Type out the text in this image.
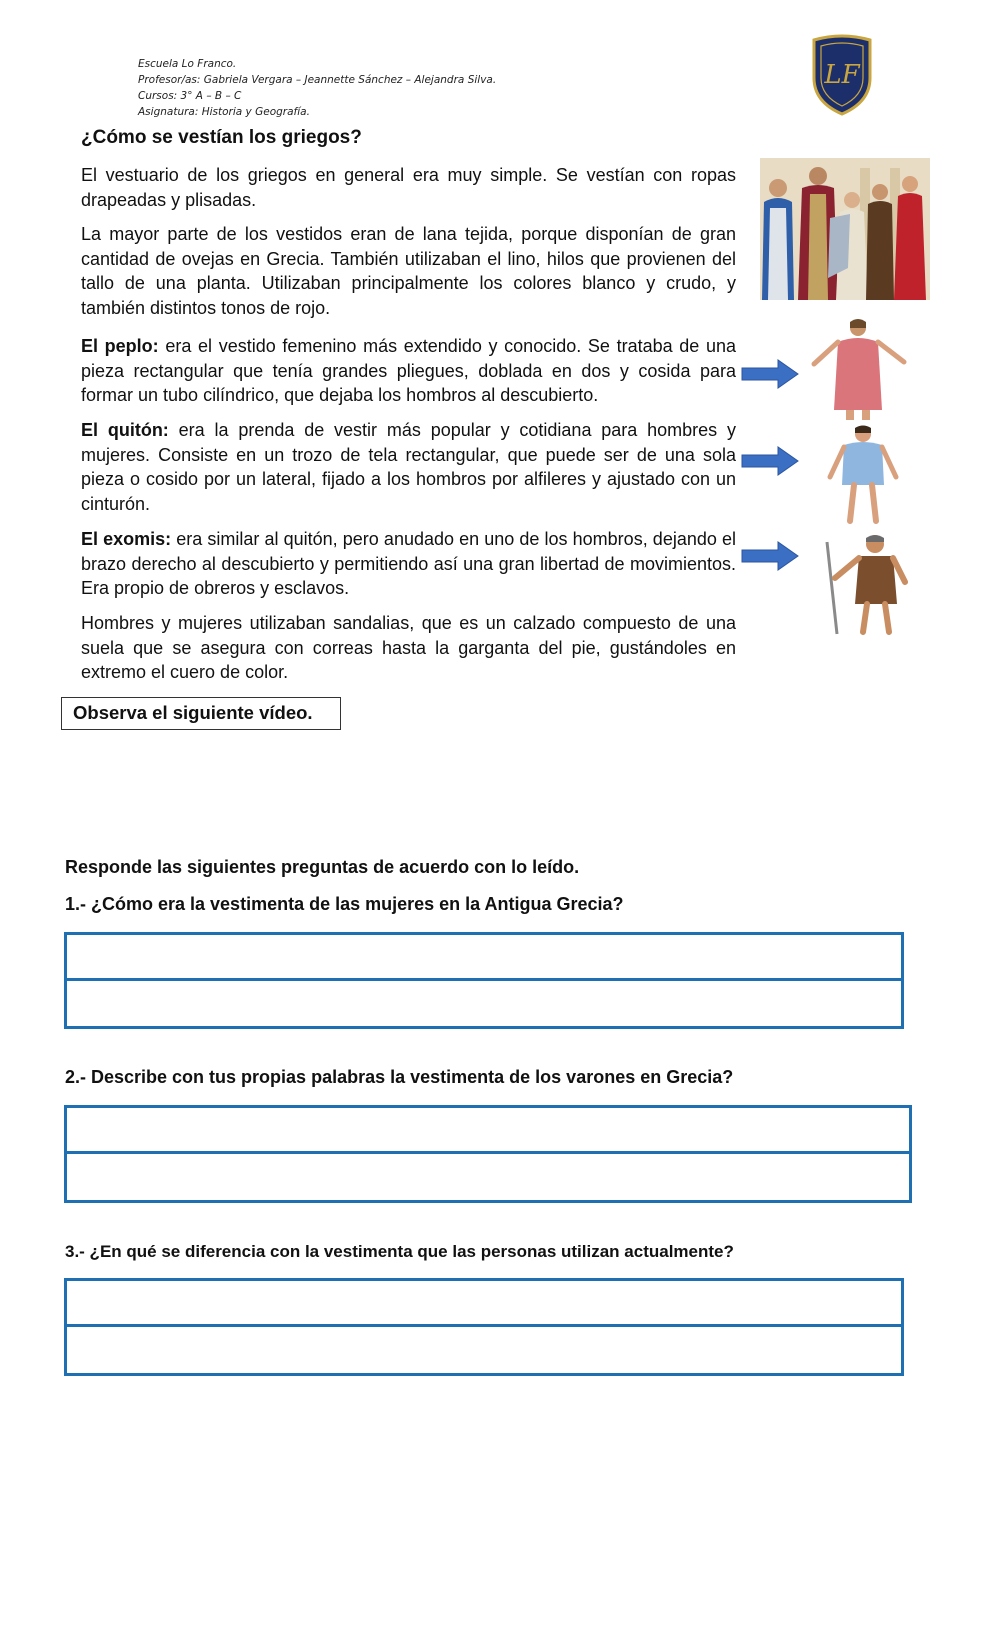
Escuela Lo Franco.
Profesor/as: Gabriela Vergara – Jeannette Sánchez – Alejandra Silva.
Cursos: 3° A – B – C
Asignatura: Historia y Geografía.
LF
¿Cómo se vestían los griegos?
El vestuario de los griegos en general era muy simple. Se vestían con ropas drapeadas y plisadas.
La mayor parte de los vestidos eran de lana tejida, porque disponían de gran cantidad de ovejas en Grecia. También utilizaban el lino, hilos que provienen del tallo de una planta. Utilizaban principalmente los colores blanco y crudo, y también distintos tonos de rojo.
El peplo: era el vestido femenino más extendido y conocido. Se trataba de una pieza rectangular que tenía grandes pliegues, doblada en dos y cosida para formar un tubo cilíndrico, que dejaba los hombros al descubierto.
El quitón: era la prenda de vestir más popular y cotidiana para hombres y mujeres. Consiste en un trozo de tela rectangular, que puede ser de una sola pieza o cosido por un lateral, fijado a los hombros por alfileres y ajustado con un cinturón.
El exomis: era similar al quitón, pero anudado en uno de los hombros, dejando el brazo derecho al descubierto y permitiendo así una gran libertad de movimientos. Era propio de obreros y esclavos.
Hombres y mujeres utilizaban sandalias, que es un calzado compuesto de una suela que se asegura con correas hasta la garganta del pie, gustándoles en extremo el cuero de color.
Observa el siguiente vídeo.
Responde las siguientes preguntas de acuerdo con lo leído.
1.- ¿Cómo era la vestimenta de las mujeres en la Antigua Grecia?
2.- Describe con tus propias palabras la vestimenta de los varones en Grecia?
3.- ¿En qué se diferencia con la vestimenta que las personas utilizan actualmente?
